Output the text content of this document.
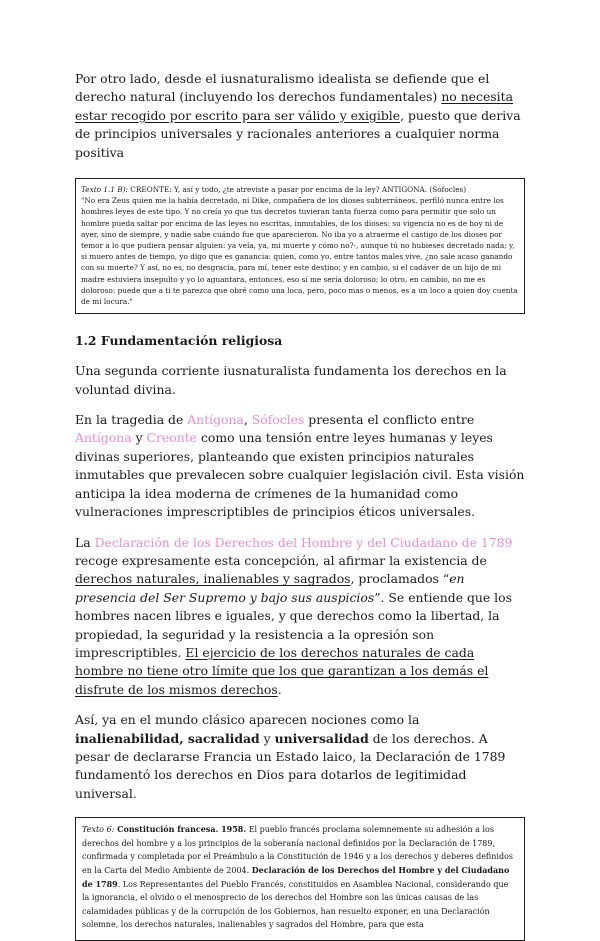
Por otro lado, desde el iusnaturalismo idealista se defiende que el derecho natural (incluyendo los derechos fundamentales) no necesita estar recogido por escrito para ser válido y exigible, puesto que deriva de principios universales y racionales anteriores a cualquier norma positiva

Texto 1.1 B): CREONTE: Y, así y todo, ¿te atreviste a pasar por encima de la ley? ANTIGONA. (Sófocles)

"No era Zeus quien me la había decretado, ni Dike, compañera de los dioses subterráneos, perfiló nunca entre los hombres leyes de este tipo. Y no creía yo que tus decretos tuvieran tanta fuerza como para permitir que solo un hombre pueda saltar por encima de las leyes no escritas, inmutables, de los dioses: su vigencia no es de hoy ni de ayer, sino de siempre, y nadie sabe cuándo fue que aparecieron. No iba yo a atraerme el castigo de los dioses por temor a lo que pudiera pensar alguien: ya veía, ya, mi muerte y cómo no?-, aunque tú no hubieses decretado nada; y, si muero antes de tiempo, yo digo que es ganancia: quien, como yo, entre tantos males vive, ¿no sale acaso ganando con su muerte? Y así, no es, no desgracia, para mí, tener este destino; y en cambio, si el cadáver de un hijo de mi madre estuviera insepulto y yo lo aguantara, entonces, eso sí me sería doloroso; lo otro, en cambio, no me es doloroso: puede que a ti te parezca que obré como una loca, pero, poco mas o menos, es a un loco a quien doy cuenta de mi locura."

1.2 Fundamentación religiosa

Una segunda corriente iusnaturalista fundamenta los derechos en la voluntad divina.

En la tragedia de Antígona, Sófocles presenta el conflicto entre Antígona y Creonte como una tensión entre leyes humanas y leyes divinas superiores, planteando que existen principios naturales inmutables que prevalecen sobre cualquier legislación civil. Esta visión anticipa la idea moderna de crímenes de la humanidad como vulneraciones imprescriptibles de principios éticos universales.

La Declaración de los Derechos del Hombre y del Ciudadano de 1789 recoge expresamente esta concepción, al afirmar la existencia de derechos naturales, inalienables y sagrados, proclamados “en presencia del Ser Supremo y bajo sus auspicios”. Se entiende que los hombres nacen libres e iguales, y que derechos como la libertad, la propiedad, la seguridad y la resistencia a la opresión son imprescriptibles. El ejercicio de los derechos naturales de cada hombre no tiene otro límite que los que garantizan a los demás el disfrute de los mismos derechos.

Así, ya en el mundo clásico aparecen nociones como la inalienabilidad, sacralidad y universalidad de los derechos. A pesar de declararse Francia un Estado laico, la Declaración de 1789 fundamentó los derechos en Dios para dotarlos de legitimidad universal.

Texto 6: Constitución francesa. 1958. El pueblo francés proclama solemnemente su adhesión a los derechos del hombre y a los principios de la soberanía nacional definidos por la Declaración de 1789, confirmada y completada por el Preámbulo a la Constitución de 1946 y a los derechos y deberes definidos en la Carta del Medio Ambiente de 2004. Declaración de los Derechos del Hombre y del Ciudadano de 1789. Los Representantes del Pueblo Francés, constituidos en Asamblea Nacional, considerando que la ignorancia, el olvido o el menosprecio de los derechos del Hombre son las únicas causas de las calamidades públicas y de la corrupción de los Gobiernos, han resuelto exponer, en una Declaración solemne, los derechos naturales, inalienables y sagrados del Hombre, para que esta
